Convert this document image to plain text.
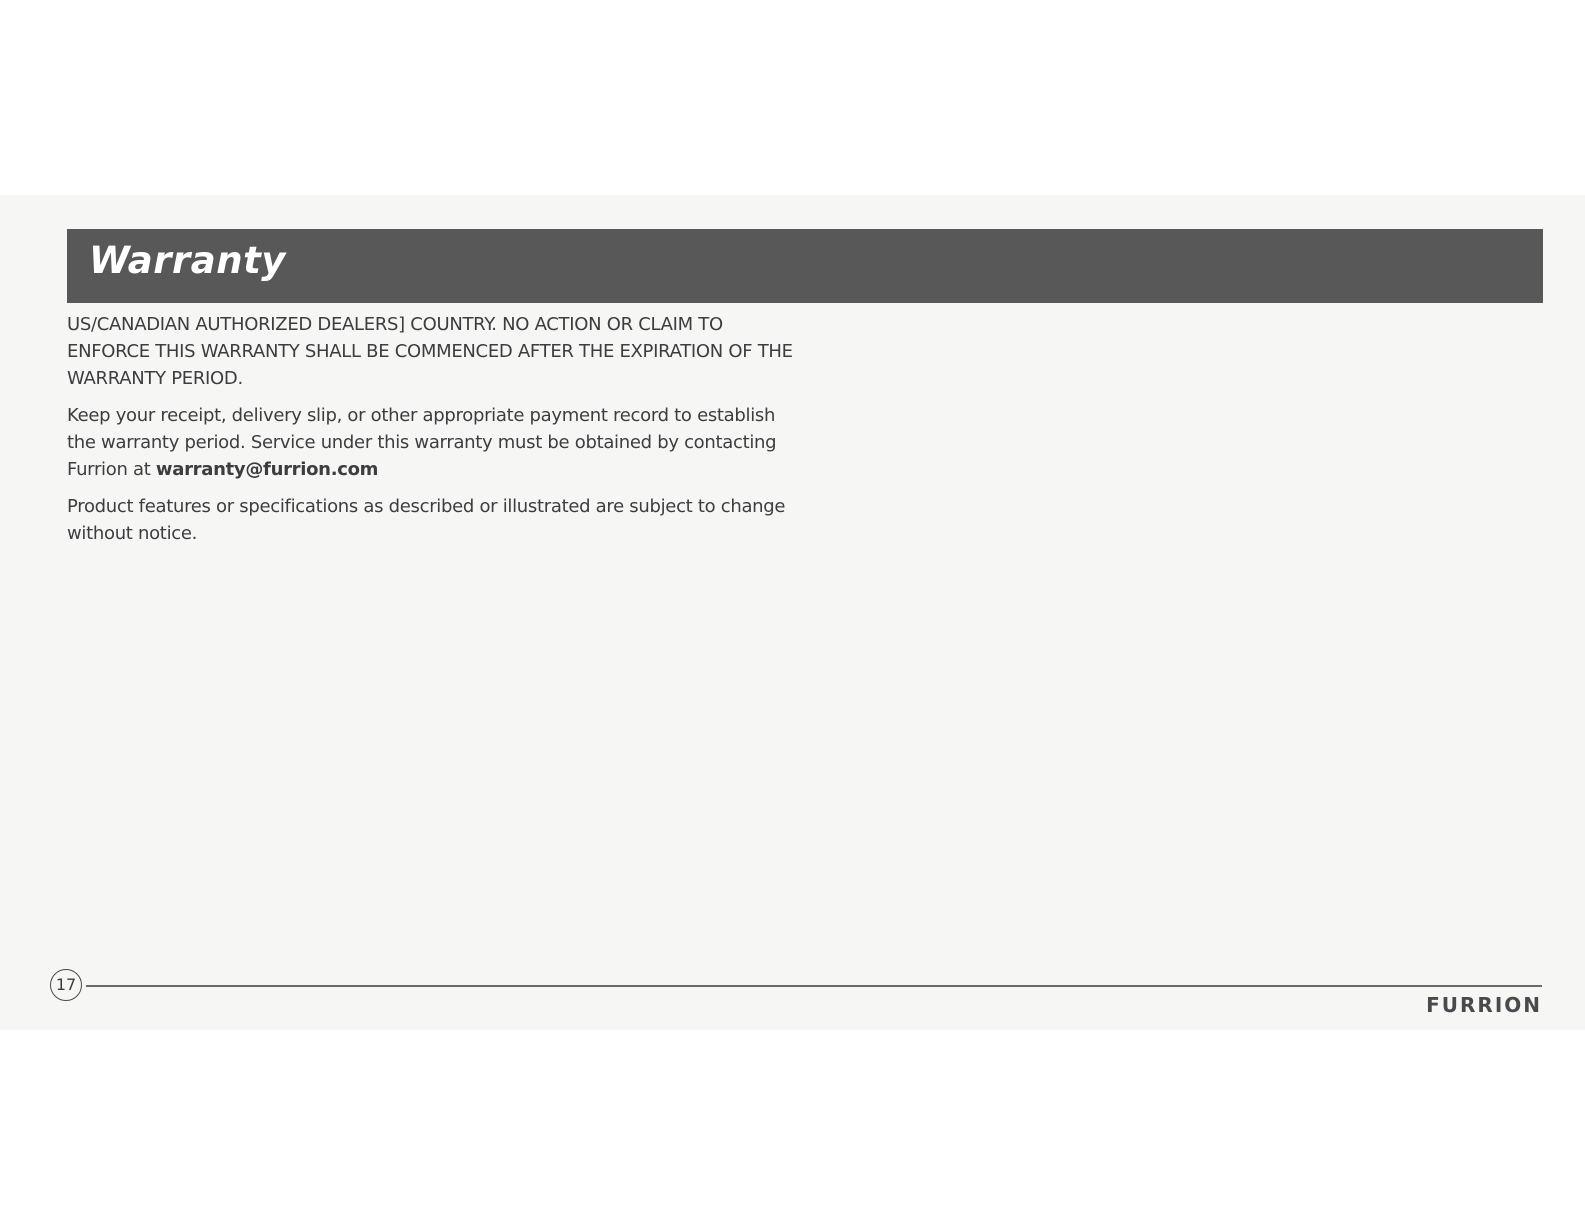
Warranty

US/CANADIAN AUTHORIZED DEALERS] COUNTRY. NO ACTION OR CLAIM TO ENFORCE THIS WARRANTY SHALL BE COMMENCED AFTER THE EXPIRATION OF THE WARRANTY PERIOD.

Keep your receipt, delivery slip, or other appropriate payment record to establish the warranty period. Service under this warranty must be obtained by contacting Furrion at warranty@furrion.com

Product features or specifications as described or illustrated are subject to change without notice.

17
FURRION
